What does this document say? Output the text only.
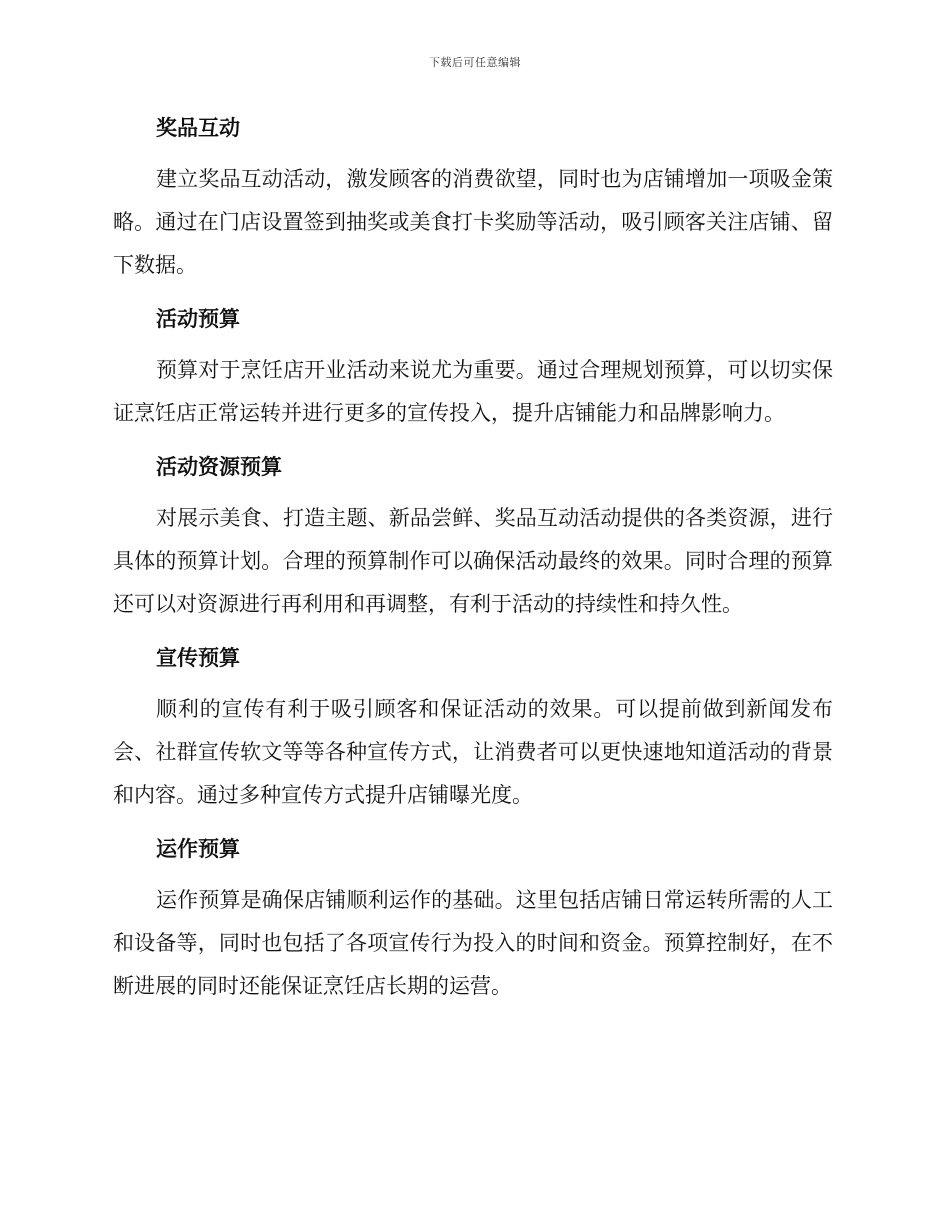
下载后可任意编辑
奖品互动

建立奖品互动活动，激发顾客的消费欲望，同时也为店铺增加一项吸金策略。通过在门店设置签到抽奖或美食打卡奖励等活动，吸引顾客关注店铺、留下数据。

活动预算

预算对于烹饪店开业活动来说尤为重要。通过合理规划预算，可以切实保证烹饪店正常运转并进行更多的宣传投入，提升店铺能力和品牌影响力。

活动资源预算

对展示美食、打造主题、新品尝鲜、奖品互动活动提供的各类资源，进行具体的预算计划。合理的预算制作可以确保活动最终的效果。同时合理的预算还可以对资源进行再利用和再调整，有利于活动的持续性和持久性。

宣传预算

顺利的宣传有利于吸引顾客和保证活动的效果。可以提前做到新闻发布会、社群宣传软文等等各种宣传方式，让消费者可以更快速地知道活动的背景和内容。通过多种宣传方式提升店铺曝光度。

运作预算

运作预算是确保店铺顺利运作的基础。这里包括店铺日常运转所需的人工和设备等，同时也包括了各项宣传行为投入的时间和资金。预算控制好，在不断进展的同时还能保证烹饪店长期的运营。
